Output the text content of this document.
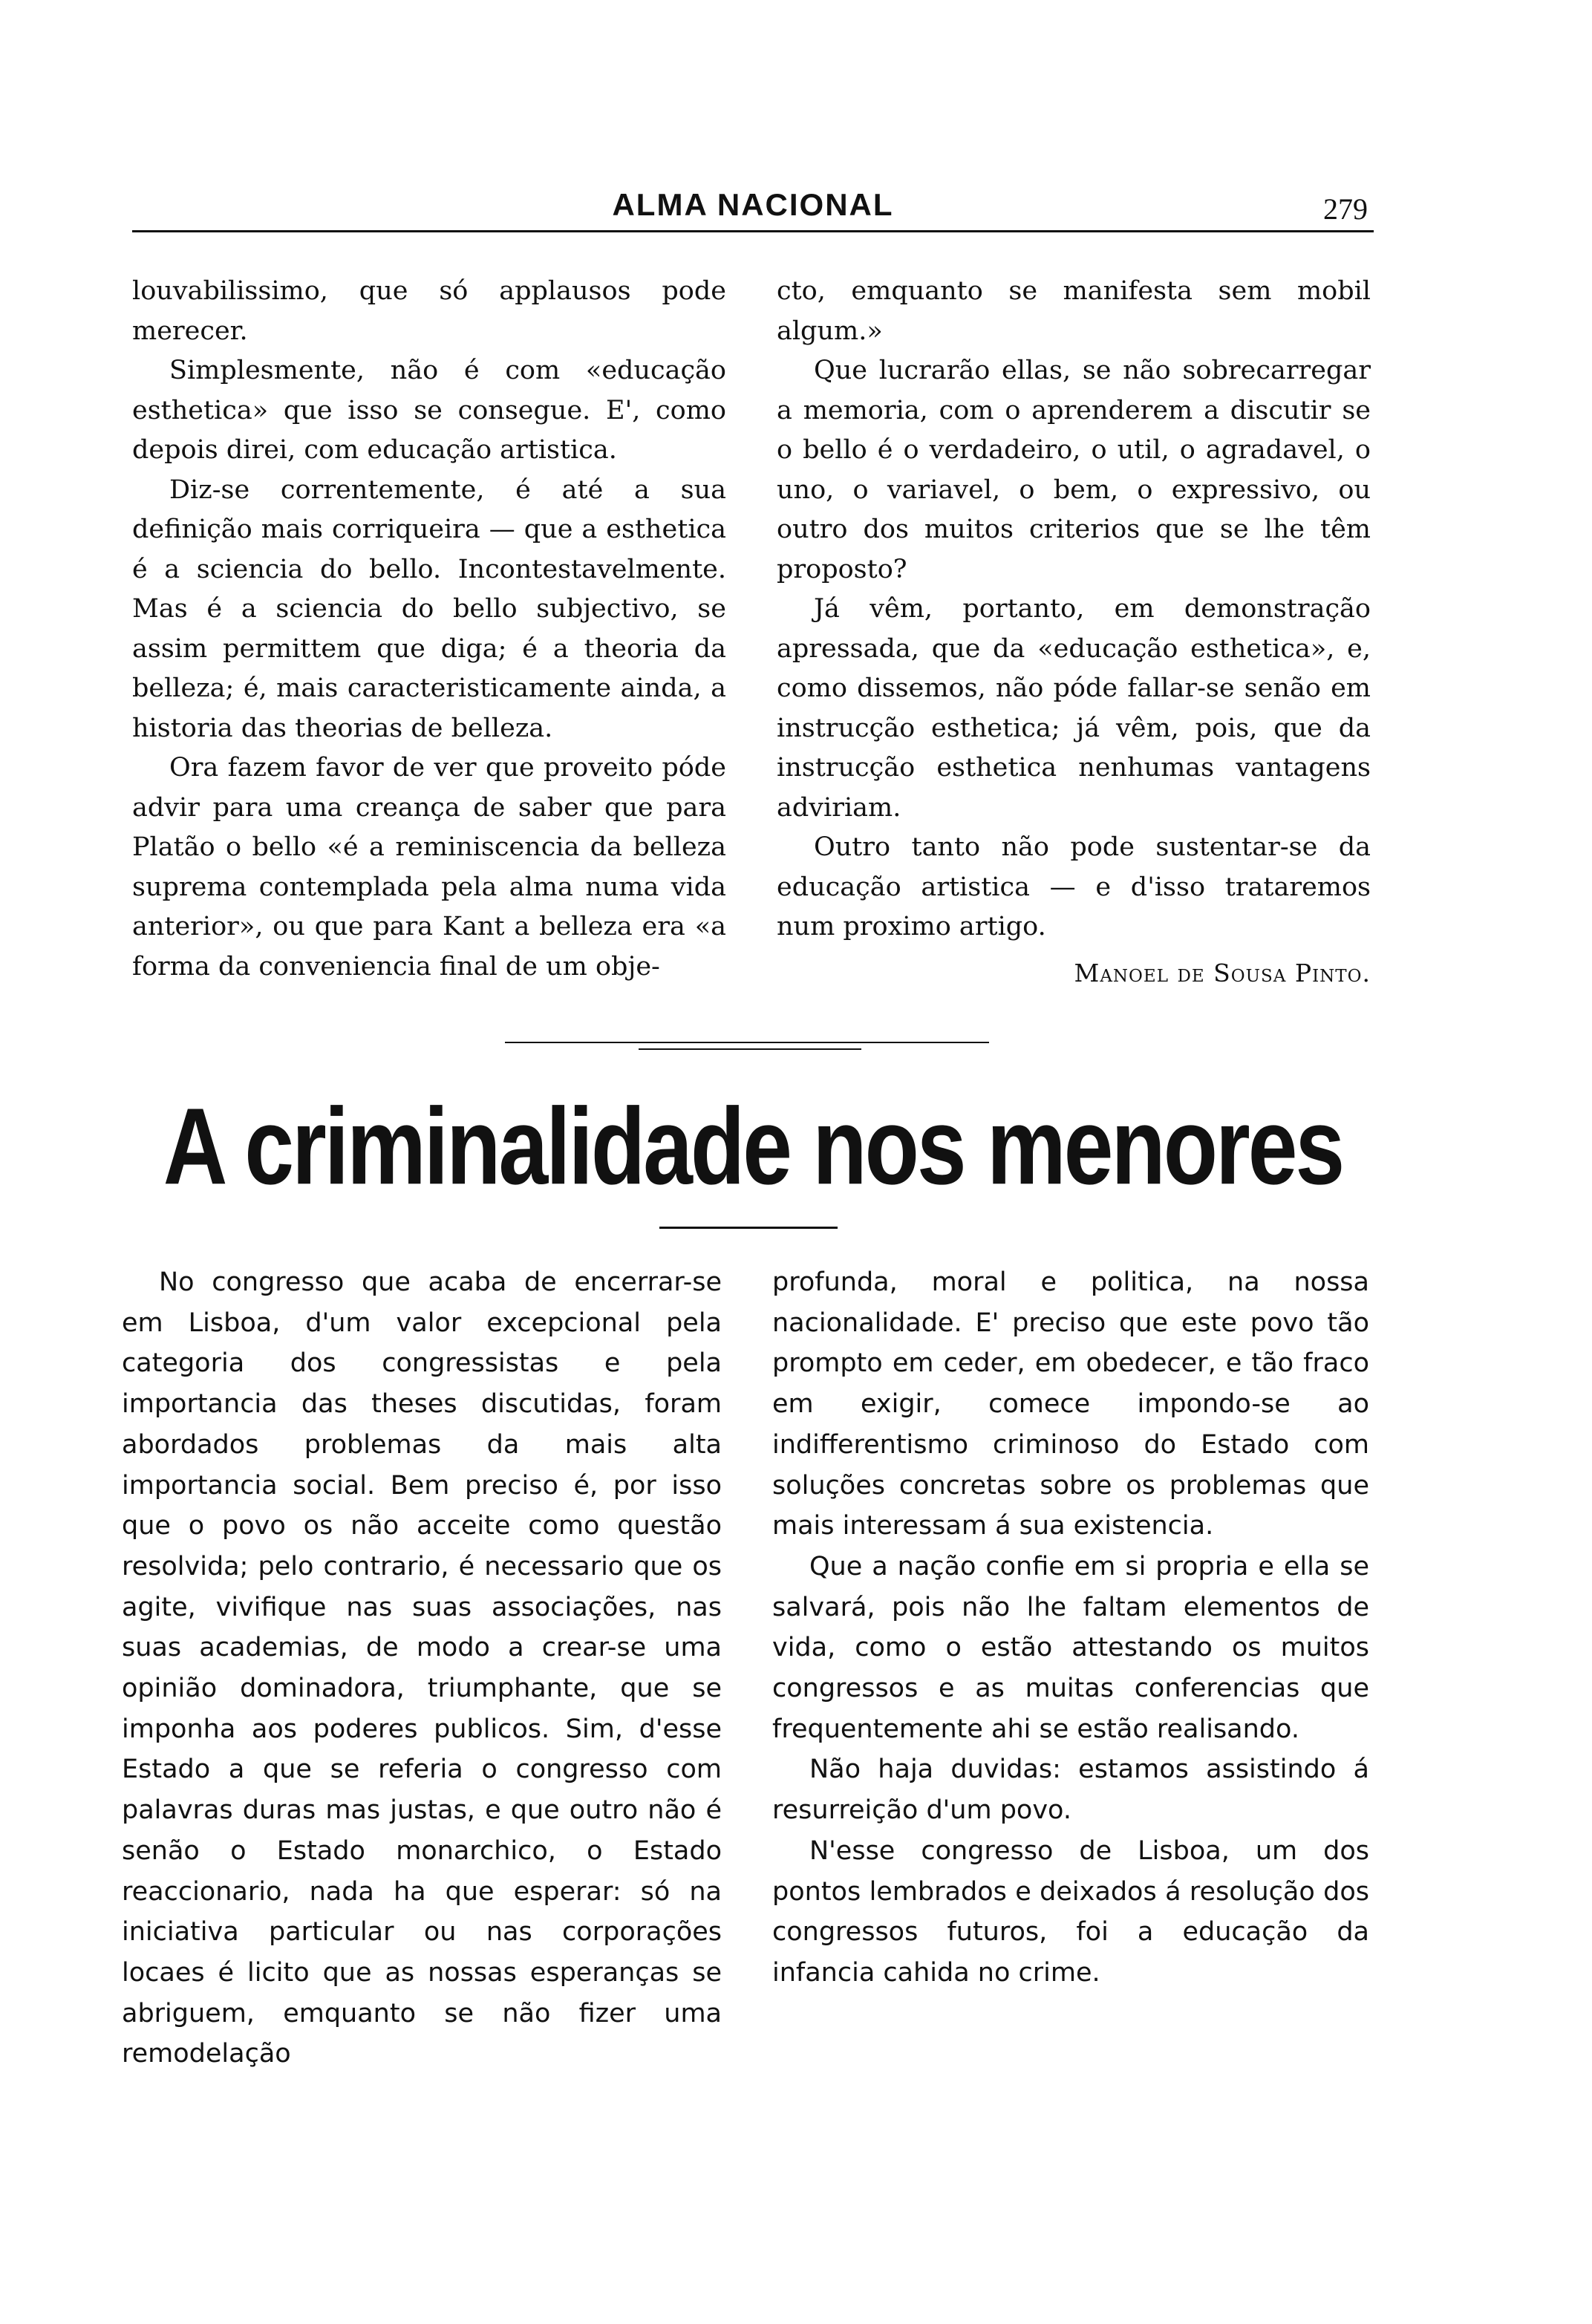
ALMA NACIONAL	279

louvabilissimo, que só applausos pode merecer.

Simplesmente, não é com «educação esthetica» que isso se consegue. E', como depois direi, com educação artistica.

Diz-se correntemente, é até a sua definição mais corriqueira — que a esthetica é a sciencia do bello. Incontestavelmente. Mas é a sciencia do bello subjectivo, se assim permittem que diga; é a theoria da belleza; é, mais caracteristicamente ainda, a historia das theorias de belleza.

Ora fazem favor de ver que proveito póde advir para uma creança de saber que para Platão o bello «é a reminiscencia da belleza suprema contemplada pela alma numa vida anterior», ou que para Kant a belleza era «a forma da conveniencia final de um obje-

cto, emquanto se manifesta sem mobil algum.»

Que lucrarão ellas, se não sobrecarregar a memoria, com o aprenderem a discutir se o bello é o verdadeiro, o util, o agradavel, o uno, o variavel, o bem, o expressivo, ou outro dos muitos criterios que se lhe têm proposto?

Já vêm, portanto, em demonstração apressada, que da «educação esthetica», e, como dissemos, não póde fallar-se senão em instrucção esthetica; já vêm, pois, que da instrucção esthetica nenhumas vantagens adviriam.

Outro tanto não pode sustentar-se da educação artistica — e d'isso trataremos num proximo artigo.

Manoel de Sousa Pinto.

A criminalidade nos menores

No congresso que acaba de encerrar-se em Lisboa, d'um valor excepcional pela categoria dos congressistas e pela importancia das theses discutidas, foram abordados problemas da mais alta importancia social. Bem preciso é, por isso que o povo os não acceite como questão resolvida; pelo contrario, é necessario que os agite, vivifique nas suas associações, nas suas academias, de modo a crear-se uma opinião dominadora, triumphante, que se imponha aos poderes publicos. Sim, d'esse Estado a que se referia o congresso com palavras duras mas justas, e que outro não é senão o Estado monarchico, o Estado reaccionario, nada ha que esperar: só na iniciativa particular ou nas corporações locaes é licito que as nossas esperanças se abriguem, emquanto se não fizer uma remodelação

profunda, moral e politica, na nossa nacionalidade. E' preciso que este povo tão prompto em ceder, em obedecer, e tão fraco em exigir, comece impondo-se ao indifferentismo criminoso do Estado com soluções concretas sobre os problemas que mais interessam á sua existencia.

Que a nação confie em si propria e ella se salvará, pois não lhe faltam elementos de vida, como o estão attestando os muitos congressos e as muitas conferencias que frequentemente ahi se estão realisando.

Não haja duvidas: estamos assistindo á resurreição d'um povo.

N'esse congresso de Lisboa, um dos pontos lembrados e deixados á resolução dos congressos futuros, foi a educação da infancia cahida no crime.
